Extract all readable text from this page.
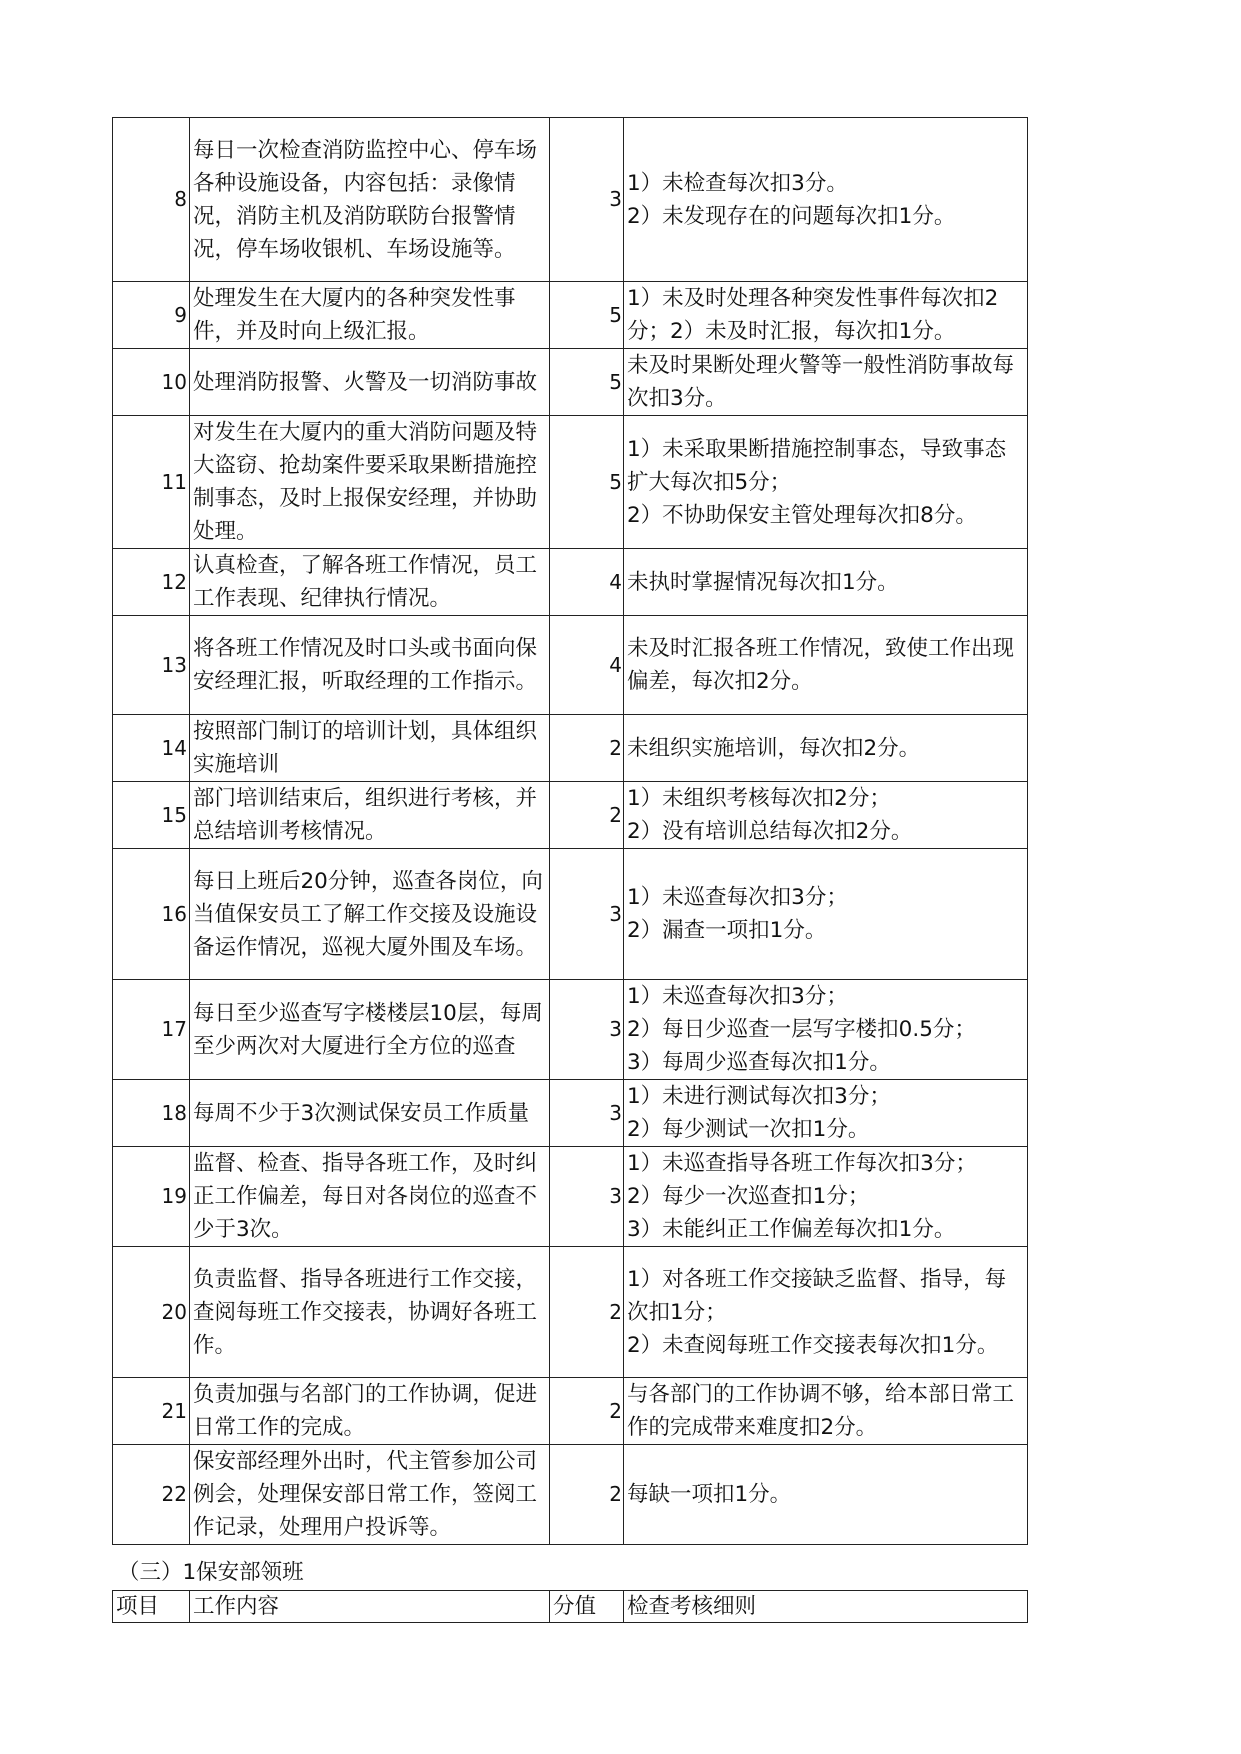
8	每日一次检查消防监控中心、停车场各种设施设备，内容包括：录像情况，消防主机及消防联防台报警情况，停车场收银机、车场设施等。	3	1）未检查每次扣3分。
2）未发现存在的问题每次扣1分。
9	处理发生在大厦内的各种突发性事件，并及时向上级汇报。	5	1）未及时处理各种突发性事件每次扣2分；2）未及时汇报，每次扣1分。
10	处理消防报警、火警及一切消防事故	5	未及时果断处理火警等一般性消防事故每次扣3分。
11	对发生在大厦内的重大消防问题及特大盗窃、抢劫案件要采取果断措施控制事态，及时上报保安经理，并协助处理。	5	1）未采取果断措施控制事态，导致事态扩大每次扣5分；
2）不协助保安主管处理每次扣8分。
12	认真检查，了解各班工作情况，员工工作表现、纪律执行情况。	4	未执时掌握情况每次扣1分。
13	将各班工作情况及时口头或书面向保安经理汇报，听取经理的工作指示。	4	未及时汇报各班工作情况，致使工作出现偏差，每次扣2分。
14	按照部门制订的培训计划，具体组织实施培训	2	未组织实施培训，每次扣2分。
15	部门培训结束后，组织进行考核，并总结培训考核情况。	2	1）未组织考核每次扣2分；
2）没有培训总结每次扣2分。
16	每日上班后20分钟，巡查各岗位，向当值保安员工了解工作交接及设施设备运作情况，巡视大厦外围及车场。	3	1）未巡查每次扣3分；
2）漏查一项扣1分。
17	每日至少巡查写字楼楼层10层，每周至少两次对大厦进行全方位的巡查	3	1）未巡查每次扣3分；
2）每日少巡查一层写字楼扣0.5分；
3）每周少巡查每次扣1分。
18	每周不少于3次测试保安员工作质量	3	1）未进行测试每次扣3分；
2）每少测试一次扣1分。
19	监督、检查、指导各班工作，及时纠正工作偏差，每日对各岗位的巡查不少于3次。	3	1）未巡查指导各班工作每次扣3分；
2）每少一次巡查扣1分；
3）未能纠正工作偏差每次扣1分。
20	负责监督、指导各班进行工作交接，查阅每班工作交接表，协调好各班工作。	2	1）对各班工作交接缺乏监督、指导，每次扣1分；
2）未查阅每班工作交接表每次扣1分。
21	负责加强与名部门的工作协调，促进日常工作的完成。	2	与各部门的工作协调不够，给本部日常工作的完成带来难度扣2分。
22	保安部经理外出时，代主管参加公司例会，处理保安部日常工作，签阅工作记录，处理用户投诉等。	2	每缺一项扣1分。
（三）1保安部领班
项目	工作内容	分值	检查考核细则
